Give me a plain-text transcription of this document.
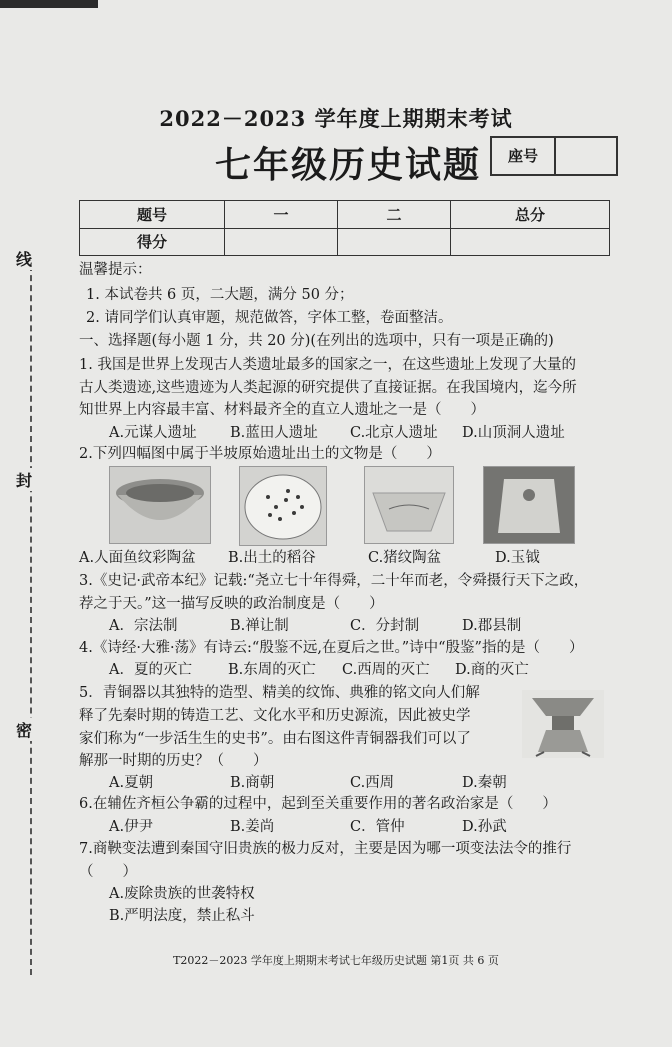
线
封
密
2022－2023 学年度上期期末考试
七年级历史试题	座号
题号	一	二	总分
得分			
温馨提示：
1. 本试卷共 6 页，二大题，满分 50 分；
2. 请同学们认真审题，规范做答，字体工整，卷面整洁。
一、选择题(每小题 1 分，共 20 分)(在列出的选项中，只有一项是正确的)
1. 我国是世界上发现古人类遗址最多的国家之一，在这些遗址上发现了大量的
古人类遗迹,这些遗迹为人类起源的研究提供了直接证据。在我国境内，迄今所
知世界上内容最丰富、材料最齐全的直立人遗址之一是（　　）
A.元谋人遗址 B.蓝田人遗址 C.北京人遗址 D.山顶洞人遗址
2.下列四幅图中属于半坡原始遗址出土的文物是（　　）
A.人面鱼纹彩陶盆 B.出土的稻谷	C.猪纹陶盆	D.玉钺
3.《史记·武帝本纪》记载:“尧立七十年得舜，二十年而老，令舜摄行天下之政，
荐之于天。”这一描写反映的政治制度是（　　）
A．宗法制	B.禅让制	C．分封制	D.郡县制
4.《诗经·大雅·荡》有诗云:“殷鉴不远,在夏后之世。”诗中“殷鉴”指的是（　　）
A．夏的灭亡 B.东周的灭亡 C.西周的灭亡 D.商的灭亡
5．青铜器以其独特的造型、精美的纹饰、典雅的铭文向人们解
释了先秦时期的铸造工艺、文化水平和历史源流，因此被史学
家们称为“一步活生生的史书”。由右图这件青铜器我们可以了
解那一时期的历史？（　　）
A.夏朝	B.商朝	C.西周	D.秦朝
6.在辅佐齐桓公争霸的过程中，起到至关重要作用的著名政治家是（　　）
A.伊尹	B.姜尚	C．管仲	D.孙武
7.商鞅变法遭到秦国守旧贵族的极力反对，主要是因为哪一项变法法令的推行
（　　）
A.废除贵族的世袭特权
B.严明法度，禁止私斗
T2022－2023 学年度上期期末考试七年级历史试题 第1页 共 6 页
